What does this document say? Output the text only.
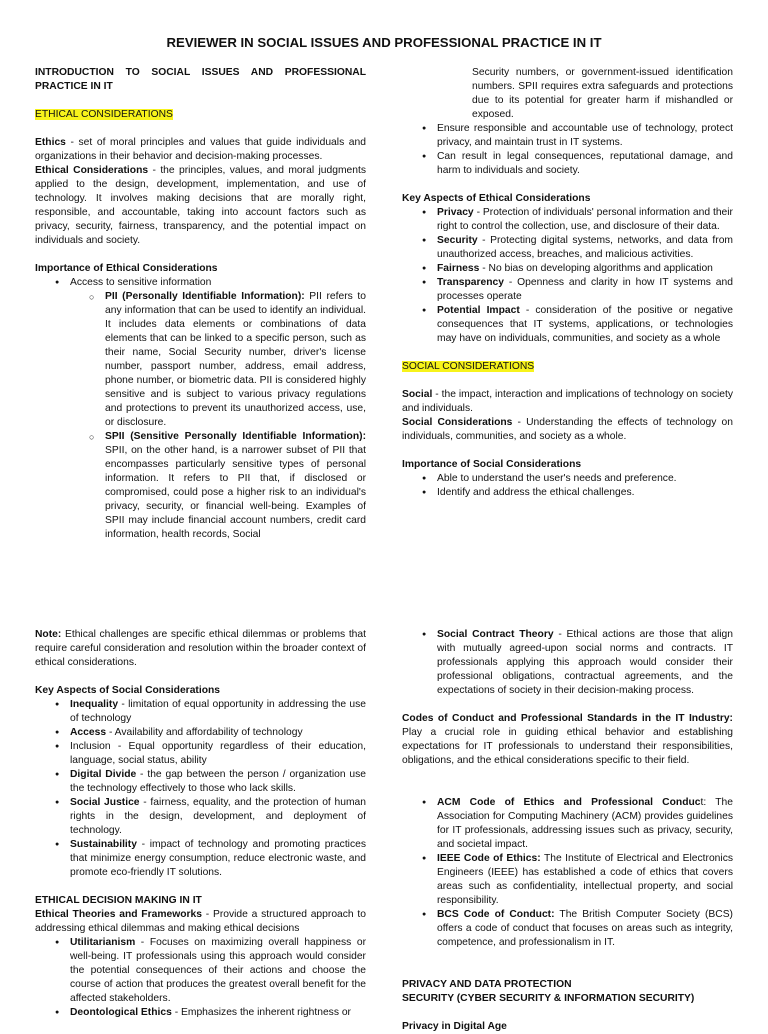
REVIEWER IN SOCIAL ISSUES AND PROFESSIONAL PRACTICE IN IT

INTRODUCTION TO SOCIAL ISSUES AND PROFESSIONAL PRACTICE IN IT

ETHICAL CONSIDERATIONS

Ethics - set of moral principles and values that guide individuals and organizations in their behavior and decision-making processes.

Ethical Considerations - the principles, values, and moral judgments applied to the design, development, implementation, and use of technology. It involves making decisions that are morally right, responsible, and accountable, taking into account factors such as privacy, security, fairness, transparency, and the potential impact on individuals and society.

Importance of Ethical Considerations

● Access to sensitive information
○ PII (Personally Identifiable Information): PII refers to any information that can be used to identify an individual. It includes data elements or combinations of data elements that can be linked to a specific person, such as their name, Social Security number, driver's license number, passport number, address, email address, phone number, or biometric data. PII is considered highly sensitive and is subject to various privacy regulations and protections to prevent its unauthorized access, use, or disclosure.
○ SPII (Sensitive Personally Identifiable Information): SPII, on the other hand, is a narrower subset of PII that encompasses particularly sensitive types of personal information. It refers to PII that, if disclosed or compromised, could pose a higher risk to an individual's privacy, security, or financial well-being. Examples of SPII may include financial account numbers, credit card information, health records, Social

Security numbers, or government-issued identification numbers. SPII requires extra safeguards and protections due to its potential for greater harm if mishandled or exposed.

● Ensure responsible and accountable use of technology, protect privacy, and maintain trust in IT systems.
● Can result in legal consequences, reputational damage, and harm to individuals and society.

Key Aspects of Ethical Considerations

● Privacy - Protection of individuals' personal information and their right to control the collection, use, and disclosure of their data.
● Security - Protecting digital systems, networks, and data from unauthorized access, breaches, and malicious activities.
● Fairness - No bias on developing algorithms and application
● Transparency - Openness and clarity in how IT systems and processes operate
● Potential Impact - consideration of the positive or negative consequences that IT systems, applications, or technologies may have on individuals, communities, and society as a whole

SOCIAL CONSIDERATIONS

Social - the impact, interaction and implications of technology on society and individuals.

Social Considerations - Understanding the effects of technology on individuals, communities, and society as a whole.

Importance of Social Considerations

● Able to understand the user's needs and preference.
● Identify and address the ethical challenges.

Note: Ethical challenges are specific ethical dilemmas or problems that require careful consideration and resolution within the broader context of ethical considerations.

Key Aspects of Social Considerations

● Inequality - limitation of equal opportunity in addressing the use of technology
● Access - Availability and affordability of technology
● Inclusion - Equal opportunity regardless of their education, language, social status, ability
● Digital Divide - the gap between the person / organization use the technology effectively to those who lack skills.
● Social Justice - fairness, equality, and the protection of human rights in the design, development, and deployment of technology.
● Sustainability - impact of technology and promoting practices that minimize energy consumption, reduce electronic waste, and promote eco-friendly IT solutions.

ETHICAL DECISION MAKING IN IT

Ethical Theories and Frameworks - Provide a structured approach to addressing ethical dilemmas and making ethical decisions

● Utilitarianism - Focuses on maximizing overall happiness or well-being. IT professionals using this approach would consider the potential consequences of their actions and choose the course of action that produces the greatest overall benefit for the affected stakeholders.
● Deontological Ethics - Emphasizes the inherent rightness or
● Social Contract Theory - Ethical actions are those that align with mutually agreed-upon social norms and contracts. IT professionals applying this approach would consider their professional obligations, contractual agreements, and the expectations of society in their decision-making process.

Codes of Conduct and Professional Standards in the IT Industry: Play a crucial role in guiding ethical behavior and establishing expectations for IT professionals to understand their responsibilities, obligations, and the ethical considerations specific to their field.

● ACM Code of Ethics and Professional Conduct: The Association for Computing Machinery (ACM) provides guidelines for IT professionals, addressing issues such as privacy, security, and societal impact.
● IEEE Code of Ethics: The Institute of Electrical and Electronics Engineers (IEEE) has established a code of ethics that covers areas such as confidentiality, intellectual property, and social responsibility.
● BCS Code of Conduct: The British Computer Society (BCS) offers a code of conduct that focuses on areas such as integrity, competence, and professionalism in IT.

PRIVACY AND DATA PROTECTION

SECURITY (CYBER SECURITY & INFORMATION SECURITY)

Privacy in Digital Age
